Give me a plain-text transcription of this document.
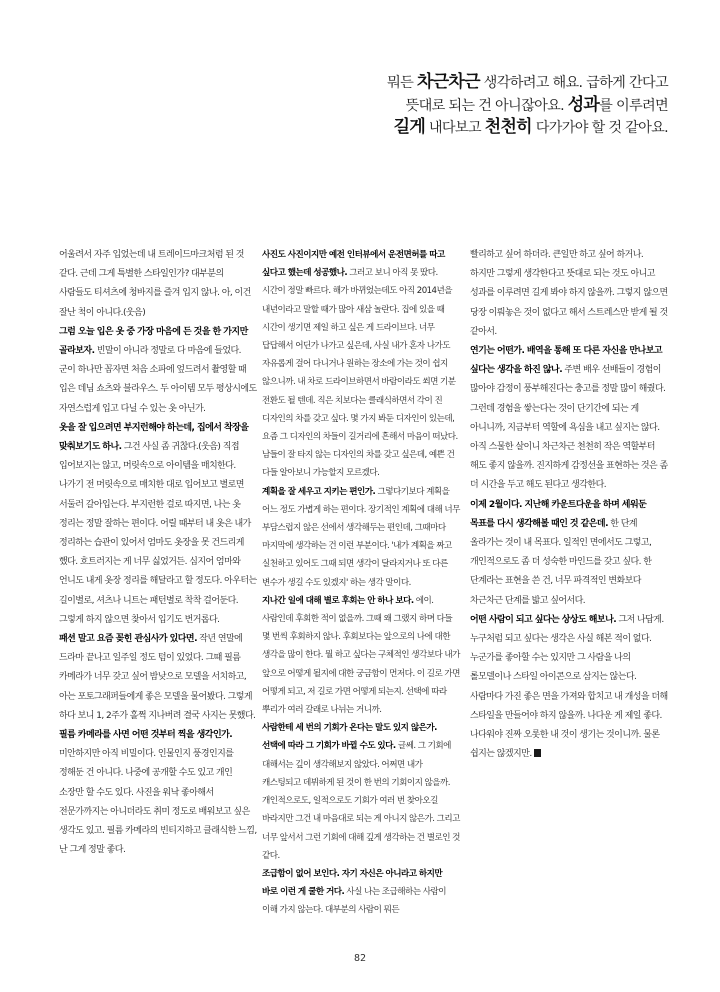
뭐든 차근차근 생각하려고 해요. 급하게 간다고
뜻대로 되는 건 아니잖아요. 성과를 이루려면
길게 내다보고 천천히 다가가야 할 것 같아요.

어울려서 자주 입었는데 내 트레이드마크처럼 된 것 같다. 근데 그게 특별한 스타일인가? 대부분의 사람들도 티셔츠에 청바지를 즐겨 입지 않나. 아, 이건 잘난 척이 아니다.(웃음)

그럼 오늘 입은 옷 중 가장 마음에 든 것을 한 가지만 골라보자. 빈말이 아니라 정말로 다 마음에 들었다. 군이 하나만 꼽자면 처음 소파에 엎드려서 촬영할 때 입은 데님 쇼츠와 블라우스. 두 아이템 모두 평상시에도 자연스럽게 입고 다닐 수 있는 옷 아닌가.

옷을 잘 입으려면 부지런해야 하는데, 집에서 착장을 맞춰보기도 하나. 그건 사실 좀 귀찮다.(웃음) 직접 입어보지는 않고, 머릿속으로 아이템을 매치한다. 나가기 전 머릿속으로 매치한 대로 입어보고 별로면 서둘러 갈아입는다. 부지런한 걸로 따지면, 나는 옷 정리는 정말 잘하는 편이다. 어릴 때부터 내 옷은 내가 정리하는 습관이 있어서 엄마도 옷장을 못 건드리게 했다. 흐트러지는 게 너무 싫었거든. 심지어 엄마와 언니도 내게 옷장 정리를 해달라고 할 정도다. 아우터는 길이별로, 셔츠나 니트는 패턴별로 착착 걸어둔다. 그렇게 하지 않으면 찾아서 입기도 번거롭다.

패션 말고 요즘 꽂힌 관심사가 있다면. 작년 연말에 드라마 끝나고 일주일 정도 텀이 있었다. 그때 필름 카메라가 너무 갖고 싶어 밤낮으로 모델을 서치하고, 아는 포토그래퍼들에게 좋은 모델을 물어봤다. 그렇게 하다 보니 1, 2주가 홀쩍 지나버려 결국 사지는 못했다.

필름 카메라를 사면 어떤 것부터 찍을 생각인가. 미안하지만 아직 비밀이다. 인물인지 풍경인지를 정해둔 건 아니다. 나중에 공개할 수도 있고 개인 소장만 할 수도 있다. 사진을 워낙 좋아해서 전문가까지는 아니더라도 취미 정도로 배워보고 싶은 생각도 있고. 필름 카메라의 빈티지하고 클래식한 느낌, 난 그게 정말 좋다.

사진도 사진이지만 예전 인터뷰에서 운전면허를 따고 싶다고 했는데 성공했나. 그러고 보니 아직 못 땄다. 시간이 정말 빠르다. 해가 바뀌었는데도 아직 2014년을 내년이라고 말할 때가 많아 새삼 놀란다. 집에 있을 때 시간이 생기면 제일 하고 싶은 게 드라이브다. 너무 답답해서 어딘가 나가고 싶은데, 사실 내가 혼자 나가도 자유롭게 걸어 다니거나 원하는 장소에 가는 것이 쉽지 않으니까. 내 차로 드라이브하면서 바람이라도 쐬면 기분 전환도 될 텐데. 직은 치보다는 클래식하면서 각이 진 디자인의 차를 갖고 싶다. 몇 가지 봐둔 디자인이 있는데, 요즘 그 디자인의 차들이 길거리에 흔해서 마음이 떠났다. 남들이 잘 타지 않는 디자인의 차를 갖고 싶은데, 예쁜 건 다들 알아보니 가능할지 모르겠다.

계획을 잘 세우고 지키는 편인가. 그렇다기보다 계획을 어느 정도 가볍게 하는 편이다. 장기적인 계획에 대해 너무 부담스럽지 않은 선에서 생각해두는 편인데, 그때마다 마지막에 생각하는 건 이런 부분이다. '내가 계획을 짜고 실천하고 있어도 그때 되면 생각이 달라지거나 또 다른 변수가 생길 수도 있겠지' 하는 생각 말이다.

지나간 일에 대해 별로 후회는 안 하나 보다. 에이. 사람인데 후회한 적이 없을까. 그때 왜 그랬지 하며 다들 몇 번씩 후회하지 않나. 후회보다는 앞으로의 나에 대한 생각을 많이 한다. 뭘 하고 싶다는 구체적인 생각보다 내가 앞으로 어떻게 될지에 대한 궁금함이 먼저다. 이 길로 가면 어떻게 되고, 저 길로 가면 어떻게 되는지. 선택에 따라 뿌리가 여러 갈래로 나뉘는 거니까.

사람한테 세 번의 기회가 온다는 말도 있지 않은가. 선택에 따라 그 기회가 바뀔 수도 있다. 글쎄. 그 기회에 대해서는 깊이 생각해보지 않았다. 어쩌면 내가 캐스팅되고 데뷔하게 된 것이 한 번의 기회이지 않을까. 개인적으로도, 일적으로도 기회가 여러 번 찾아오길 바라지만 그건 내 마음대로 되는 게 아니지 않은가. 그리고 너무 앞서서 그런 기회에 대해 깊게 생각하는 건 별로인 것 같다.

조급함이 없어 보인다. 자기 자신은 아니라고 하지만 바로 이런 게 쿨한 거다. 사실 나는 조급해하는 사람이 이해 가지 않는다. 대부분의 사람이 뭐든

빨리하고 싶어 하더라. 큰일만 하고 싶어 하거나. 하지만 그렇게 생각한다고 뜻대로 되는 것도 아니고 성과를 이루려면 길게 봐야 하지 않을까. 그렇지 않으면 당장 이뤄놓은 것이 없다고 해서 스트레스만 받게 될 것 같아서.

연기는 어떤가. 배역을 통해 또 다른 자신을 만나보고 싶다는 생각을 하진 않나. 주변 배우 선배들이 경험이 많아야 감정이 풍부해진다는 충고를 정말 많이 해줬다. 그런데 경험을 쌓는다는 것이 단기간에 되는 게 아니니까, 지금부터 역할에 욕심을 내고 싶지는 않다. 아직 스물한 살이니 차근차근 천천히 작은 역할부터 해도 좋지 않을까. 진지하게 감정선을 표현하는 것은 좀 더 시간을 두고 해도 된다고 생각한다.

이제 2월이다. 지난해 카운트다운을 하며 세워둔 목표를 다시 생각해볼 때인 것 같은데. 한 단계 올라가는 것이 내 목표다. 일적인 면에서도 그렇고, 개인적으로도 좀 더 성숙한 마인드를 갖고 싶다. 한 단계라는 표현을 쓴 건, 너무 파격적인 변화보다 차근차근 단계를 밟고 싶어서다.

어떤 사람이 되고 싶다는 상상도 해보나. 그저 나답게. 누구처럼 되고 싶다는 생각은 사실 해본 적이 없다. 누군가를 좋아할 수는 있지만 그 사람을 나의 롤모델이나 스타일 아이콘으로 삼지는 않는다. 사람마다 가진 좋은 면을 가져와 합치고 내 개성을 더해 스타일을 만들어야 하지 않을까. 나다운 게 제일 좋다. 나다워야 진짜 오롯한 내 것이 생기는 것이니까. 물론 쉽지는 않겠지만.

82
